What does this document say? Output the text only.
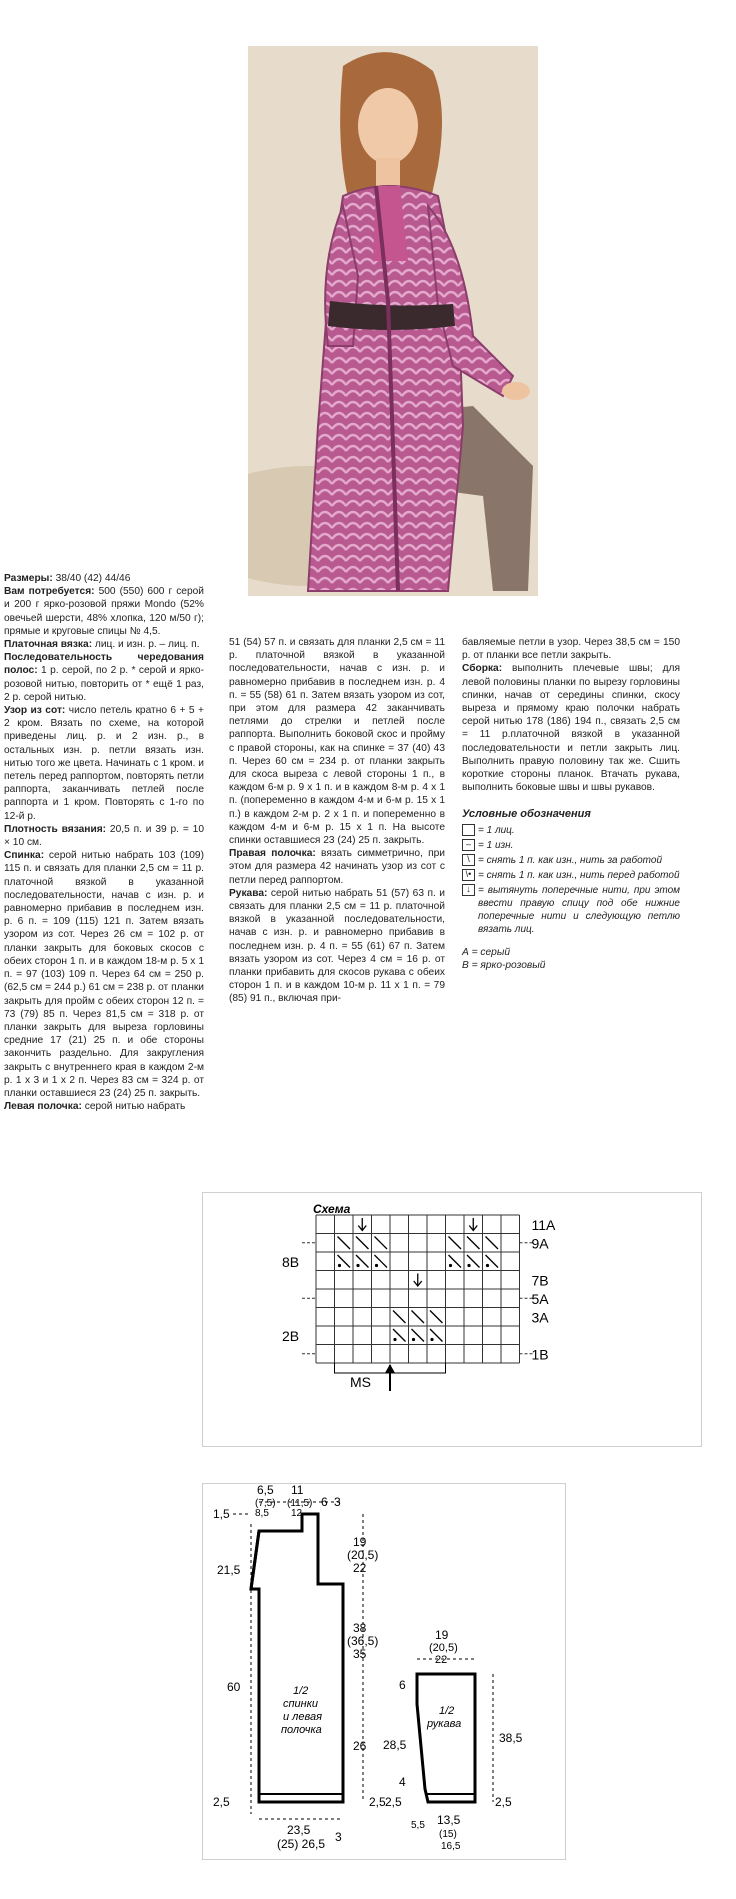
Размеры: 38/40 (42) 44/46

Вам потребуется: 500 (550) 600 г серой и 200 г ярко-розовой пряжи Mondo (52% овечьей шерсти, 48% хлопка, 120 м/50 г); прямые и круговые спицы № 4,5.

Платочная вязка: лиц. и изн. р. – лиц. п.

Последовательность чередования полос: 1 р. серой, по 2 р. * серой и ярко-розовой нитью, повторить от * ещё 1 раз, 2 р. серой нитью.

Узор из сот: число петель кратно 6 + 5 + 2 кром. Вязать по схеме, на которой приведены лиц. р. и 2 изн. р., в остальных изн. р. петли вязать изн. нитью того же цвета. Начинать с 1 кром. и петель перед раппортом, повторять петли раппорта, заканчивать петлей после раппорта и 1 кром. Повторять с 1-го по 12-й р.

Плотность вязания: 20,5 п. и 39 р. = 10 × 10 см.

Спинка: серой нитью набрать 103 (109) 115 п. и связать для планки 2,5 см = 11 р. платочной вязкой в указанной последовательности, начав с изн. р. и равномерно прибавив в последнем изн. р. 6 п. = 109 (115) 121 п. Затем вязать узором из сот. Через 26 см = 102 р. от планки закрыть для боковых скосов с обеих сторон 1 п. и в каждом 18-м р. 5 х 1 п. = 97 (103) 109 п. Через 64 см = 250 р. (62,5 см = 244 р.) 61 см = 238 р. от планки закрыть для пройм с обеих сторон 12 п. = 73 (79) 85 п. Через 81,5 см = 318 р. от планки закрыть для выреза горловины средние 17 (21) 25 п. и обе стороны закончить раздельно. Для закругления закрыть с внутреннего края в каждом 2-м р. 1 х 3 и 1 х 2 п. Через 83 см = 324 р. от планки оставшиеся 23 (24) 25 п. закрыть.

Левая полочка: серой нитью набрать

51 (54) 57 п. и связать для планки 2,5 см = 11 р. платочной вязкой в указанной последовательности, начав с изн. р. и равномерно прибавив в последнем изн. р. 4 п. = 55 (58) 61 п. Затем вязать узором из сот, при этом для размера 42 заканчивать петлями до стрелки и петлей после раппорта. Выполнить боковой скос и пройму с правой стороны, как на спинке = 37 (40) 43 п. Через 60 см = 234 р. от планки закрыть для скоса выреза с левой стороны 1 п., в каждом 6-м р. 9 х 1 п. и в каждом 8-м р. 4 х 1 п. (попеременно в каждом 4-м и 6-м р. 15 х 1 п.) в каждом 2-м р. 2 х 1 п. и попеременно в каждом 4-м и 6-м р. 15 х 1 п. На высоте спинки оставшиеся 23 (24) 25 п. закрыть.

Правая полочка: вязать симметрично, при этом для размера 42 начинать узор из сот с петли перед раппортом.

Рукава: серой нитью набрать 51 (57) 63 п. и связать для планки 2,5 см = 11 р. платочной вязкой в указанной последовательности, начав с изн. р. и равномерно прибавив в последнем изн. р. 4 п. = 55 (61) 67 п. Затем вязать узором из сот. Через 4 см = 16 р. от планки прибавить для скосов рукава с обеих сторон 1 п. и в каждом 10-м р. 11 х 1 п. = 79 (85) 91 п., включая при-

бавляемые петли в узор. Через 38,5 см = 150 р. от планки все петли закрыть.

Сборка: выполнить плечевые швы; для левой половины планки по вырезу горловины спинки, начав от середины спинки, скосу выреза и прямому краю полочки набрать серой нитью 178 (186) 194 п., связать 2,5 см = 11 р.платочной вязкой в указанной последовательности и петли закрыть лиц. Выполнить правую половину так же. Сшить короткие стороны планок. Втачать рукава, выполнить боковые швы и швы рукавов.

Условные обозначения
= 1 лиц.
– = 1 изн.
\ = снять 1 п. как изн., нить за работой
\• = снять 1 п. как изн., нить перед работой
↓ = вытянуть поперечные нити, при этом ввести правую спицу под обе нижние поперечные нити и следующую петлю вязать лиц.
А = серый
В = ярко-розовый
Схема
11A
9A
7B
5A
3A
1B
8B
2B
MS
1,5
21,5
60
2,5
6,5
(7,5)
8,5
11
(11,5)
12
6 3
19
(20,5)
22
38
(36,5)
35
26
2,5
23,5
(25) 26,5 3
1/2
спинки
и левая
полочка
19
(20,5)
22
6
28,5
4
2,5
38,5
2,5
5,5 13,5
(15)
16,5
1/2
рукава
